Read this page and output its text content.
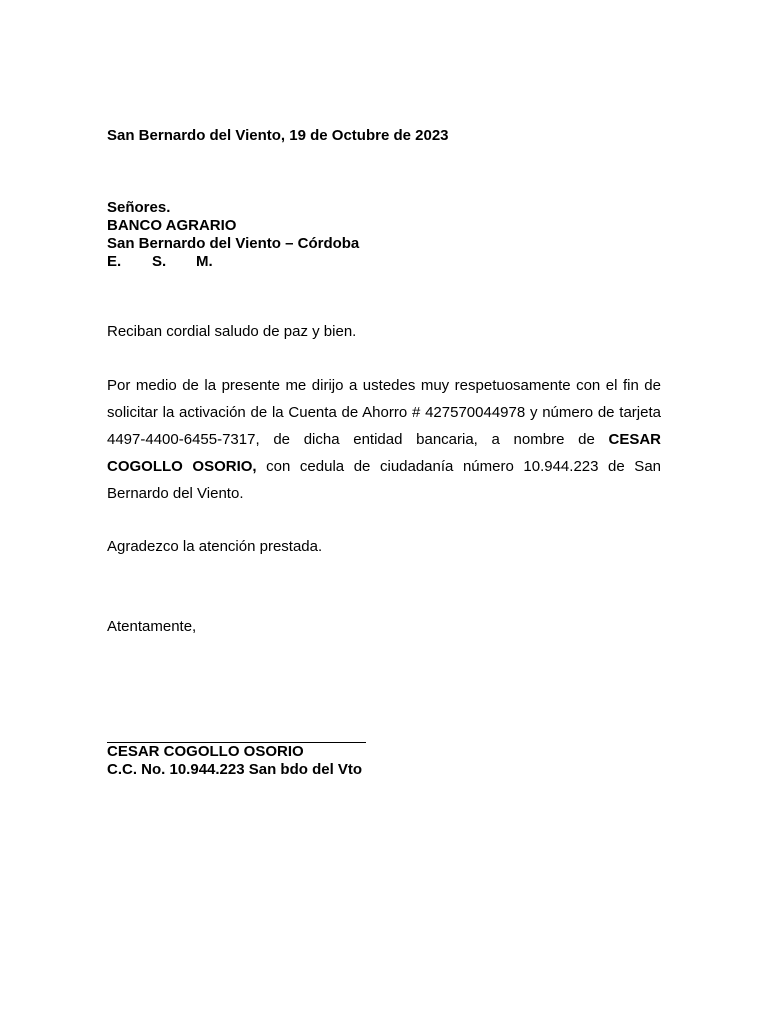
San Bernardo del Viento, 19 de Octubre de 2023
Señores.
BANCO AGRARIO
San Bernardo del Viento – Córdoba
E. S. M.
Reciban cordial saludo de paz y bien.
Por medio de la presente me dirijo a ustedes muy respetuosamente con el fin de solicitar la activación de la Cuenta de Ahorro # 427570044978 y número de tarjeta 4497-4400-6455-7317, de dicha entidad bancaria, a nombre de CESAR COGOLLO OSORIO, con cedula de ciudadanía número 10.944.223 de San Bernardo del Viento.
Agradezco la atención prestada.
Atentamente,
CESAR COGOLLO OSORIO
C.C. No. 10.944.223 San bdo del Vto
